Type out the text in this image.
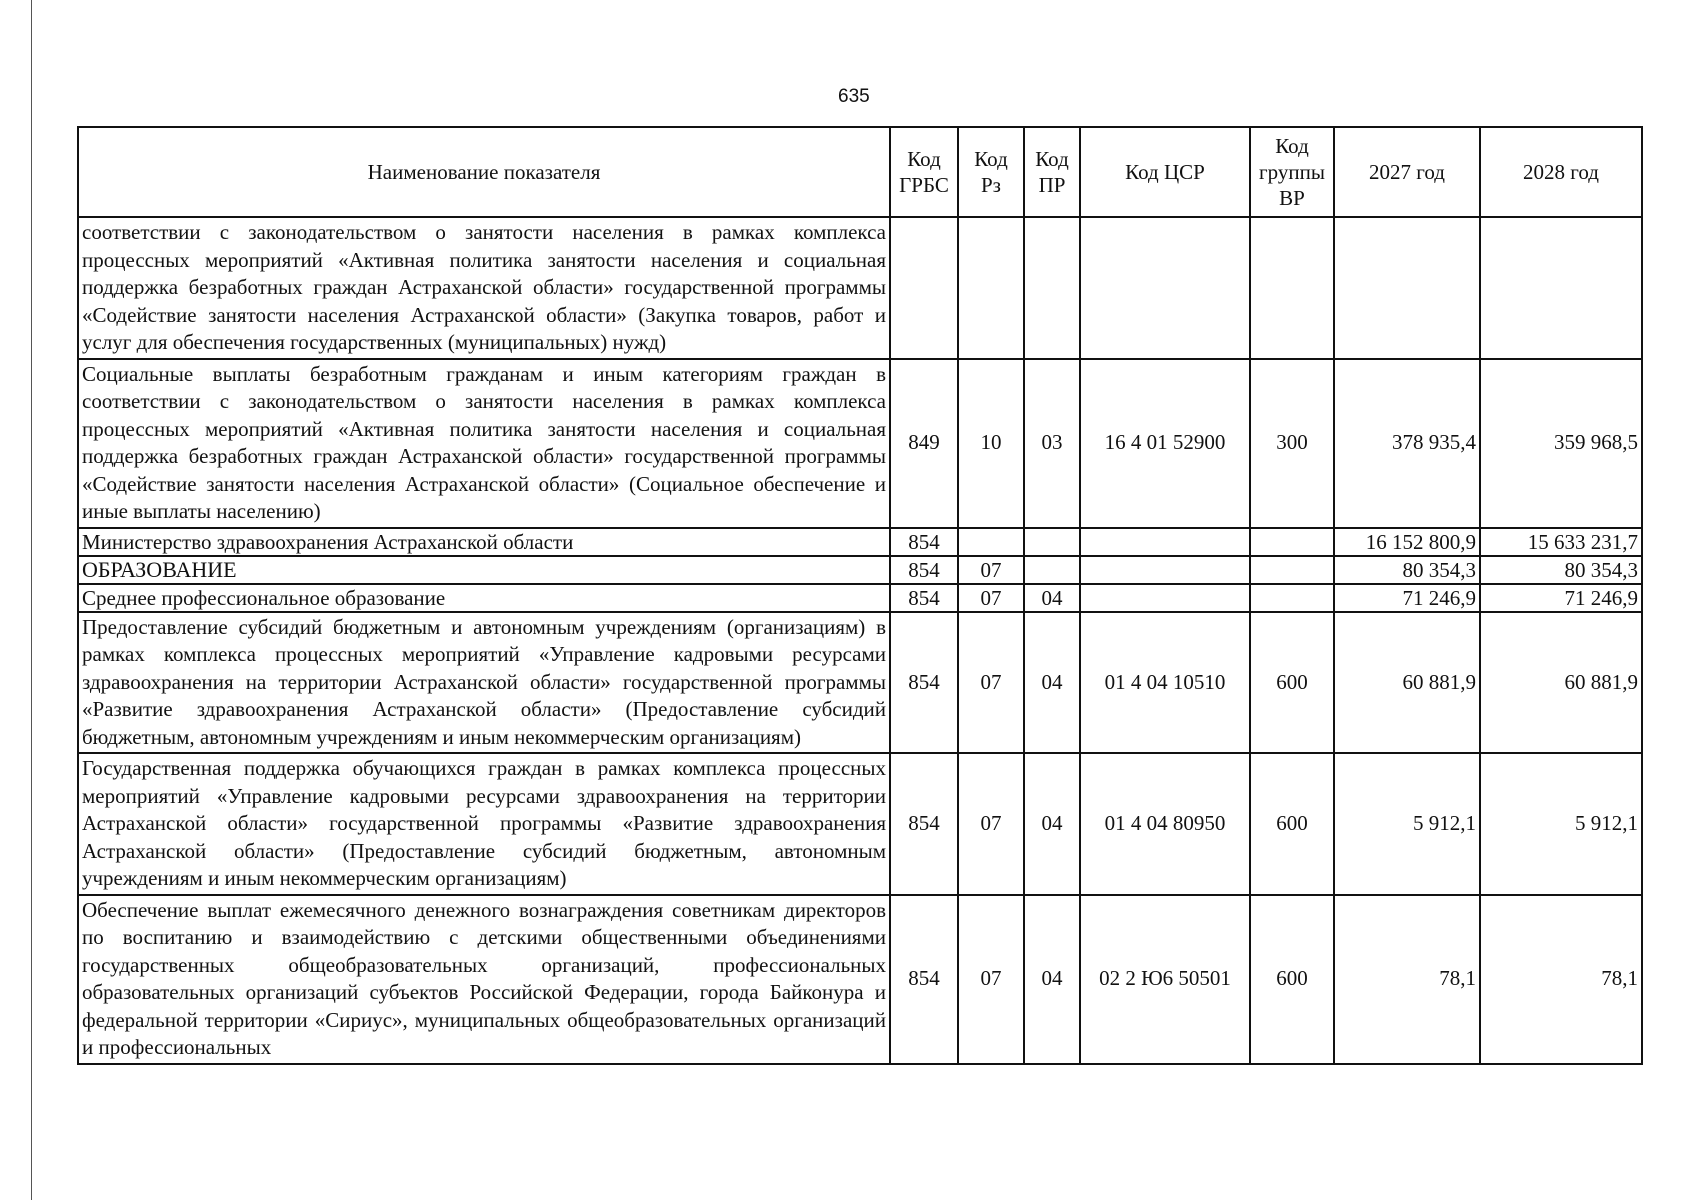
635
Наименование показателя	Код ГРБС	Код Рз	Код ПР	Код ЦСР	Код группы ВР	2027 год	2028 год
соответствии с законодательством о занятости населения в рамках комплекса процессных мероприятий «Активная политика занятости населения и социальная поддержка безработных граждан Астраханской области» государственной программы «Содействие занятости населения Астраханской области» (Закупка товаров, работ и услуг для обеспечения государственных (муниципальных) нужд)							
Социальные выплаты безработным гражданам и иным категориям граждан в соответствии с законодательством о занятости населения в рамках комплекса процессных мероприятий «Активная политика занятости населения и социальная поддержка безработных граждан Астраханской области» государственной программы «Содействие занятости населения Астраханской области» (Социальное обеспечение и иные выплаты населению)	849	10	03	16 4 01 52900	300	378 935,4	359 968,5
Министерство здравоохранения Астраханской области	854					16 152 800,9	15 633 231,7
ОБРАЗОВАНИЕ	854	07				80 354,3	80 354,3
Среднее профессиональное образование	854	07	04			71 246,9	71 246,9
Предоставление субсидий бюджетным и автономным учреждениям (организациям) в рамках комплекса процессных мероприятий «Управление кадровыми ресурсами здравоохранения на территории Астраханской области» государственной программы «Развитие здравоохранения Астраханской области» (Предоставление субсидий бюджетным, автономным учреждениям и иным некоммерческим организациям)	854	07	04	01 4 04 10510	600	60 881,9	60 881,9
Государственная поддержка обучающихся граждан в рамках комплекса процессных мероприятий «Управление кадровыми ресурсами здравоохранения на территории Астраханской области» государственной программы «Развитие здравоохранения Астраханской области» (Предоставление субсидий бюджетным, автономным учреждениям и иным некоммерческим организациям)	854	07	04	01 4 04 80950	600	5 912,1	5 912,1
Обеспечение выплат ежемесячного денежного вознаграждения советникам директоров по воспитанию и взаимодействию с детскими общественными объединениями государственных общеобразовательных организаций, профессиональных образовательных организаций субъектов Российской Федерации, города Байконура и федеральной территории «Сириус», муниципальных общеобразовательных организаций и профессиональных	854	07	04	02 2 Ю6 50501	600	78,1	78,1
